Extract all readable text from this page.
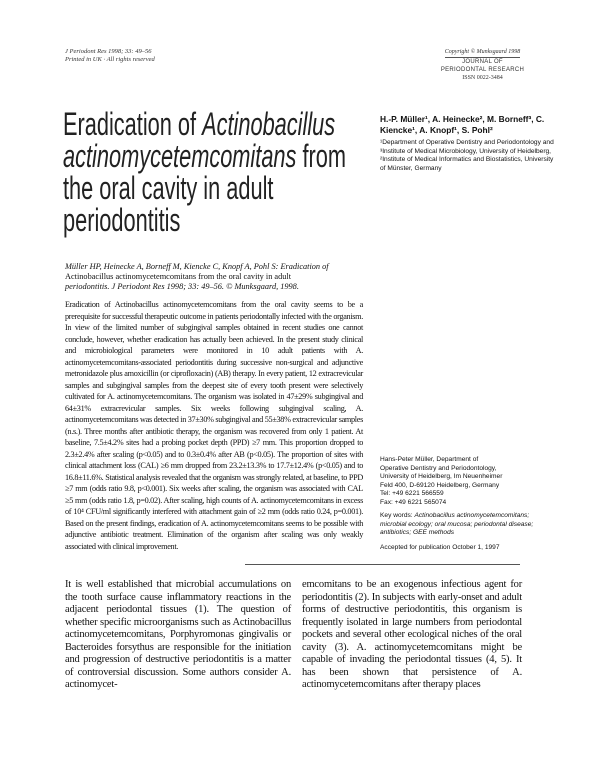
J Periodont Res 1998; 33: 49–56
Printed in UK · All rights reserved
Copyright © Munksgaard 1998
JOURNAL OF
PERIODONTAL RESEARCH
ISSN 0022-3484
Eradication of Actinobacillus actinomycetemcomitans from the oral cavity in adult periodontitis
Müller HP, Heinecke A, Borneff M, Kiencke C, Knopf A, Pohl S: Eradication of
Actinobacillus actinomycetemcomitans from the oral cavity in adult
periodontitis. J Periodont Res 1998; 33: 49–56. © Munksgaard, 1998.
Eradication of Actinobacillus actinomycetemcomitans from the oral cavity seems to be a prerequisite for successful therapeutic outcome in patients periodontally infected with the organism. In view of the limited number of subgingival samples obtained in recent studies one cannot conclude, however, whether eradication has actually been achieved. In the present study clinical and microbiological parameters were monitored in 10 adult patients with A. actinomycetemcomitans-associated periodontitis during successive non-surgical and adjunctive metronidazole plus amoxicillin (or ciprofloxacin) (AB) therapy. In every patient, 12 extracrevicular samples and subgingival samples from the deepest site of every tooth present were selectively cultivated for A. actinomycetemcomitans. The organism was isolated in 47±29% subgingival and 64±31% extracrevicular samples. Six weeks following subgingival scaling, A. actinomycetemcomitans was detected in 37±30% subgingival and 55±38% extracrevicular samples (n.s.). Three months after antibiotic therapy, the organism was recovered from only 1 patient. At baseline, 7.5±4.2% sites had a probing pocket depth (PPD) ≥7 mm. This proportion dropped to 2.3±2.4% after scaling (p<0.05) and to 0.3±0.4% after AB (p<0.05). The proportion of sites with clinical attachment loss (CAL) ≥6 mm dropped from 23.2±13.3% to 17.7±12.4% (p<0.05) and to 16.8±11.6%. Statistical analysis revealed that the organism was strongly related, at baseline, to PPD ≥7 mm (odds ratio 9.8, p<0.001). Six weeks after scaling, the organism was associated with CAL ≥5 mm (odds ratio 1.8, p=0.02). After scaling, high counts of A. actinomycetemcomitans in excess of 10⁴ CFU/ml significantly interfered with attachment gain of ≥2 mm (odds ratio 0.24, p=0.001). Based on the present findings, eradication of A. actinomycetemcomitans seems to be possible with adjunctive antibiotic treatment. Elimination of the organism after scaling was only weakly associated with clinical improvement.
H.-P. Müller¹, A. Heinecke², M. Borneff³, C. Kiencke¹, A. Knopf¹, S. Pohl²
¹Department of Operative Dentistry and Periodontology and ³Institute of Medical Microbiology, University of Heidelberg, ²Institute of Medical Informatics and Biostatistics, University of Münster, Germany
Hans-Peter Müller, Department of
Operative Dentistry and Periodontology,
University of Heidelberg, Im Neuenheimer
Feld 400, D-69120 Heidelberg, Germany
Tel: +49 6221 566559
Fax: +49 6221 565074
Key words: Actinobacillus actinomycetemcomitans; microbial ecology; oral mucosa; periodontal disease; antibiotics; GEE methods
Accepted for publication October 1, 1997
It is well established that microbial accumulations on the tooth surface cause inflammatory reactions in the adjacent periodontal tissues (1). The question of whether specific microorganisms such as Actinobacillus actinomycetemcomitans, Porphyromonas gingivalis or Bacteroides forsythus are responsible for the initiation and progression of destructive periodontitis is a matter of controversial discussion. Some authors consider A. actinomycet-
emcomitans to be an exogenous infectious agent for periodontitis (2). In subjects with early-onset and adult forms of destructive periodontitis, this organism is frequently isolated in large numbers from periodontal pockets and several other ecological niches of the oral cavity (3). A. actinomycetemcomitans might be capable of invading the periodontal tissues (4, 5). It has been shown that persistence of A. actinomycetemcomitans after therapy places
